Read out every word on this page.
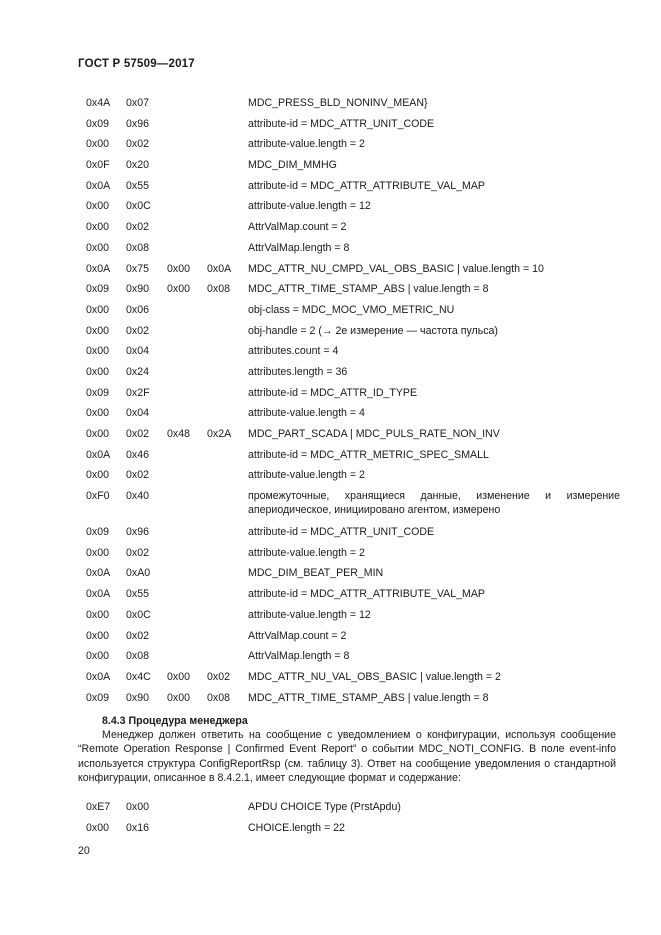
ГОСТ Р 57509—2017
0x4A 0x07	MDC_PRESS_BLD_NONINV_MEAN}
0x09 0x96	attribute-id = MDC_ATTR_UNIT_CODE
0x00 0x02	attribute-value.length = 2
0x0F 0x20	MDC_DIM_MMHG
0x0A 0x55	attribute-id = MDC_ATTR_ATTRIBUTE_VAL_MAP
0x00 0x0C	attribute-value.length = 12
0x00 0x02	AttrValMap.count = 2
0x00 0x08	AttrValMap.length = 8
0x0A 0x75 0x00 0x0A MDC_ATTR_NU_CMPD_VAL_OBS_BASIC | value.length = 10
0x09 0x90 0x00 0x08 MDC_ATTR_TIME_STAMP_ABS | value.length = 8
0x00 0x06	obj-class = MDC_MOC_VMO_METRIC_NU
0x00 0x02	obj-handle = 2 (→ 2е измерение — частота пульса)
0x00 0x04	attributes.count = 4
0x00 0x24	attributes.length = 36
0x09 0x2F	attribute-id = MDC_ATTR_ID_TYPE
0x00 0x04	attribute-value.length = 4
0x00 0x02 0x48 0x2A MDC_PART_SCADA | MDC_PULS_RATE_NON_INV
0x0A 0x46	attribute-id = MDC_ATTR_METRIC_SPEC_SMALL
0x00 0x02	attribute-value.length = 2
0xF0 0x40	промежуточные, хранящиеся данные, изменение и измерение апериодическое, инициировано агентом, измерено
0x09 0x96	attribute-id = MDC_ATTR_UNIT_CODE
0x00 0x02	attribute-value.length = 2
0x0A 0xA0	MDC_DIM_BEAT_PER_MIN
0x0A 0x55	attribute-id = MDC_ATTR_ATTRIBUTE_VAL_MAP
0x00 0x0C	attribute-value.length = 12
0x00 0x02	AttrValMap.count = 2
0x00 0x08	AttrValMap.length = 8
0x0A 0x4C 0x00 0x02 MDC_ATTR_NU_VAL_OBS_BASIC | value.length = 2
0x09 0x90 0x00 0x08 MDC_ATTR_TIME_STAMP_ABS | value.length = 8
8.4.3 Процедура менеджера
Менеджер должен ответить на сообщение с уведомлением о конфигурации, используя сообщение “Remote Operation Response | Confirmed Event Report” о событии MDC_NOTI_CONFIG. В поле event-info используется структура ConfigReportRsp (см. таблицу 3). Ответ на сообщение уведомления о стандартной конфигурации, описанное в 8.4.2.1, имеет следующие формат и содержание:
0xE7 0x00	APDU CHOICE Type (PrstApdu)
0x00 0x16	CHOICE.length = 22
20
